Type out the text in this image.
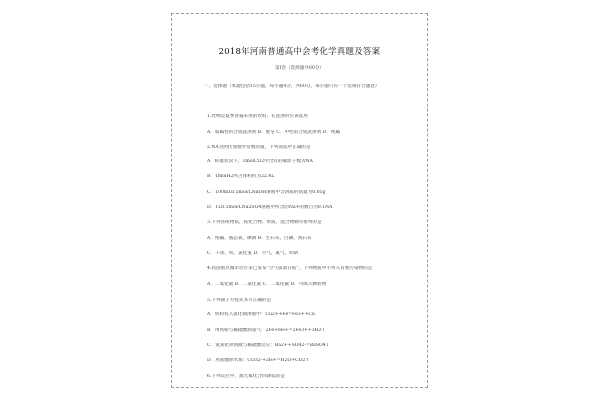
2018年河南普通高中会考化学真题及答案
第Ⅰ卷（选择题共60分）
一、选择题（本题包括15小题，每小题4分，共60分。每小题只有一个选项符合题意）
1.丝绸是夏季普遍采用的衣料，在洗涤时应该选用
A．弱碱性的合成洗涤剂 B．肥皂 C．中性的合成洗涤剂 D．纯碱
2.NA为阿伏加德罗常数的值，下列说法中正确的是
A．标准状况下，1molCO2中含有的碳原子数为NA
B．1molH2所占体积约为22.4L
C．100mL0.5mol/LNaOH溶液中含溶质的质量为0.05g
D．1L0.1mol/LNa2SO4溶液中所含的Na+的数目为0.1NA
3.下列各组物质，按化合物、单质、混合物顺序排列的是
A．纯碱、液态氧、碘酒 B．生石灰、白磷、熟石灰
C．干冰、铁、氯化氢 D．空气、氮气、明矾
4.我国重点城市近年来已发布“空气质量日报”。下列物质中不列入首要污染物的是
A．二氧化硫 B．二氧化氮 C．二氧化碳 D．可吸入颗粒物
5.下列离子方程式书写正确的是
A．铁粉投入氯化铜溶液中：Cu2++Fe=Fe3++Cu
B．用铁粉与稀硫酸制氢气：2Fe+6H+=2Fe3++3H2↑
C．氢氧化钡溶液与稀硫酸反应：Ba2++SO42-=BaSO4↓
D．用盐酸除水垢：CO32-+2H+=H2O+CO2↑
6.下列反应中，加元素化合价降低的是
